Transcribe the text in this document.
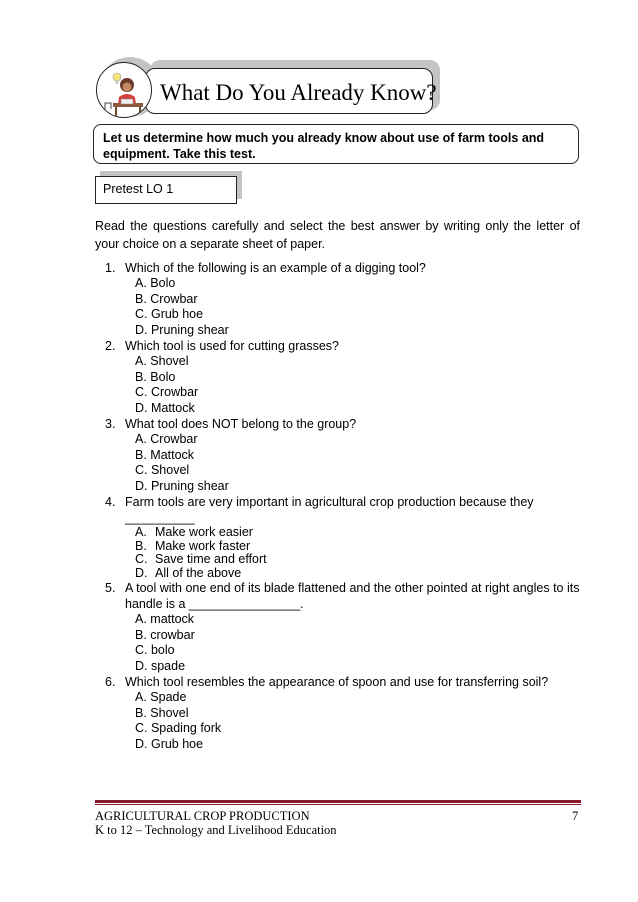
What Do You Already Know?
Let us determine how much you already know about use of farm tools and equipment. Take this test.
Pretest LO 1
Read the questions carefully and select the best answer by writing only the letter of your choice on a separate sheet of paper.
1. Which of the following is an example of a digging tool?
A. Bolo
B. Crowbar
C. Grub hoe
D. Pruning shear
2. Which tool is used for cutting grasses?
A. Shovel
B. Bolo
C. Crowbar
D. Mattock
3. What tool does NOT belong to the group?
A. Crowbar
B. Mattock
C. Shovel
D. Pruning shear
4. Farm tools are very important in agricultural crop production because they __________
A. Make work easier
B. Make work faster
C. Save time and effort
D. All of the above
5. A tool with one end of its blade flattened and the other pointed at right angles to its
handle is a ________________.
A. mattock
B. crowbar
C. bolo
D. spade
6. Which tool resembles the appearance of spoon and use for transferring soil?
A. Spade
B. Shovel
C. Spading fork
D. Grub hoe
AGRICULTURAL CROP PRODUCTION
K to 12 – Technology and Livelihood Education
7
